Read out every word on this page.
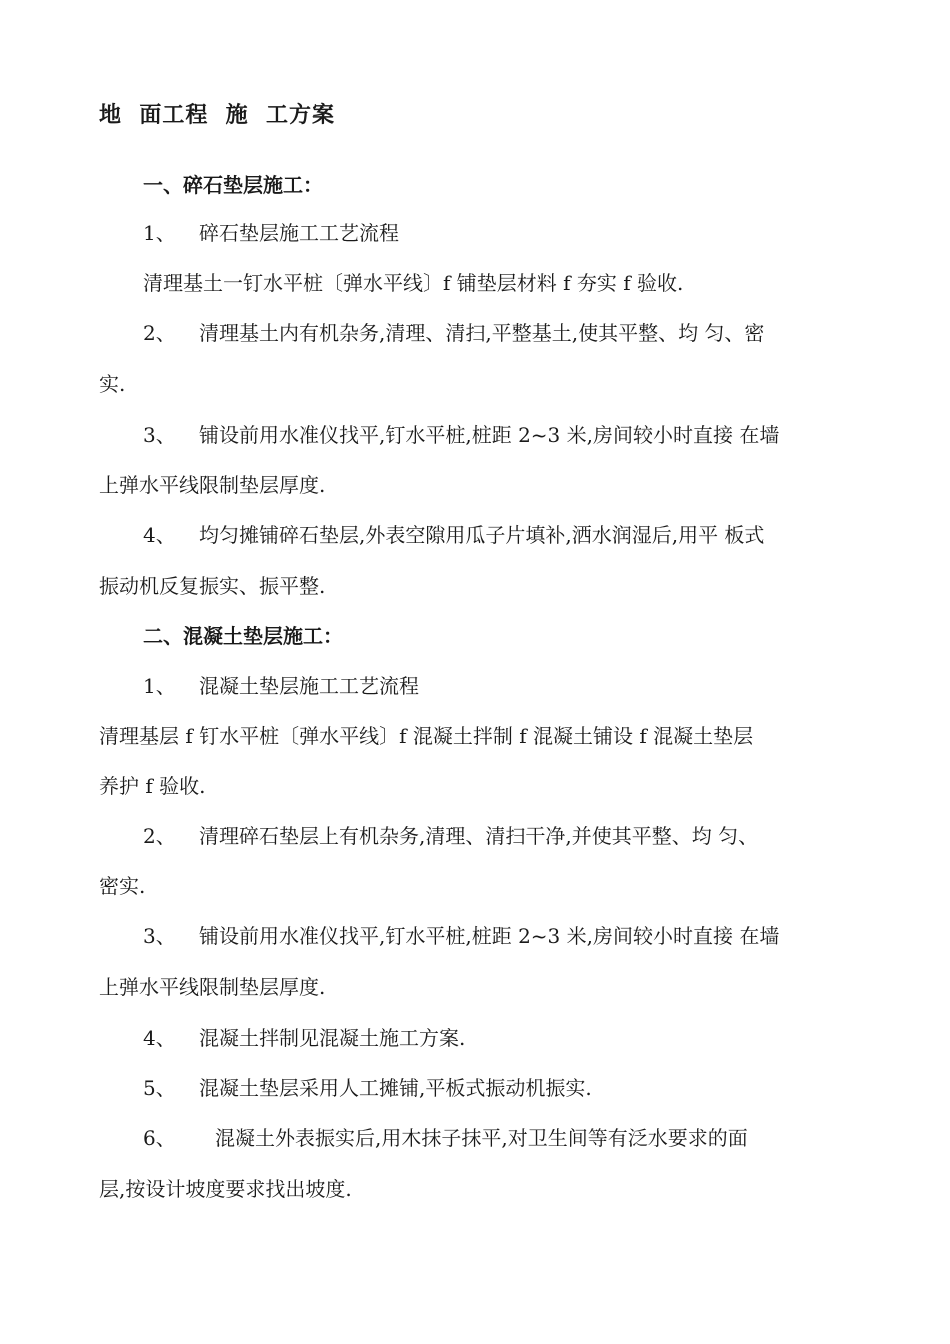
地  面工程  施  工方案

一、碎石垫层施工：

1、 碎石垫层施工工艺流程

清理基土一钉水平桩〔弹水平线〕f 铺垫层材料 f 夯实 f 验收.

2、 清理基土内有机杂务,清理、清扫,平整基土,使其平整、均 匀、密

实.

3、 铺设前用水准仪找平,钉水平桩,桩距 2~3 米,房间较小时直接 在墙

上弹水平线限制垫层厚度.

4、 均匀摊铺碎石垫层,外表空隙用瓜子片填补,洒水润湿后,用平 板式

振动机反复振实、振平整.

二、混凝土垫层施工：

1、 混凝土垫层施工工艺流程

清理基层 f 钉水平桩〔弹水平线〕f 混凝土拌制 f 混凝土铺设 f 混凝土垫层

养护 f 验收.

2、 清理碎石垫层上有机杂务,清理、清扫干净,并使其平整、均 匀、

密实.

3、 铺设前用水准仪找平,钉水平桩,桩距 2~3 米,房间较小时直接 在墙

上弹水平线限制垫层厚度.

4、 混凝土拌制见混凝土施工方案.

5、 混凝土垫层采用人工摊铺,平板式振动机振实.

6、 混凝土外表振实后,用木抹子抹平,对卫生间等有泛水要求的面

层,按设计坡度要求找出坡度.
